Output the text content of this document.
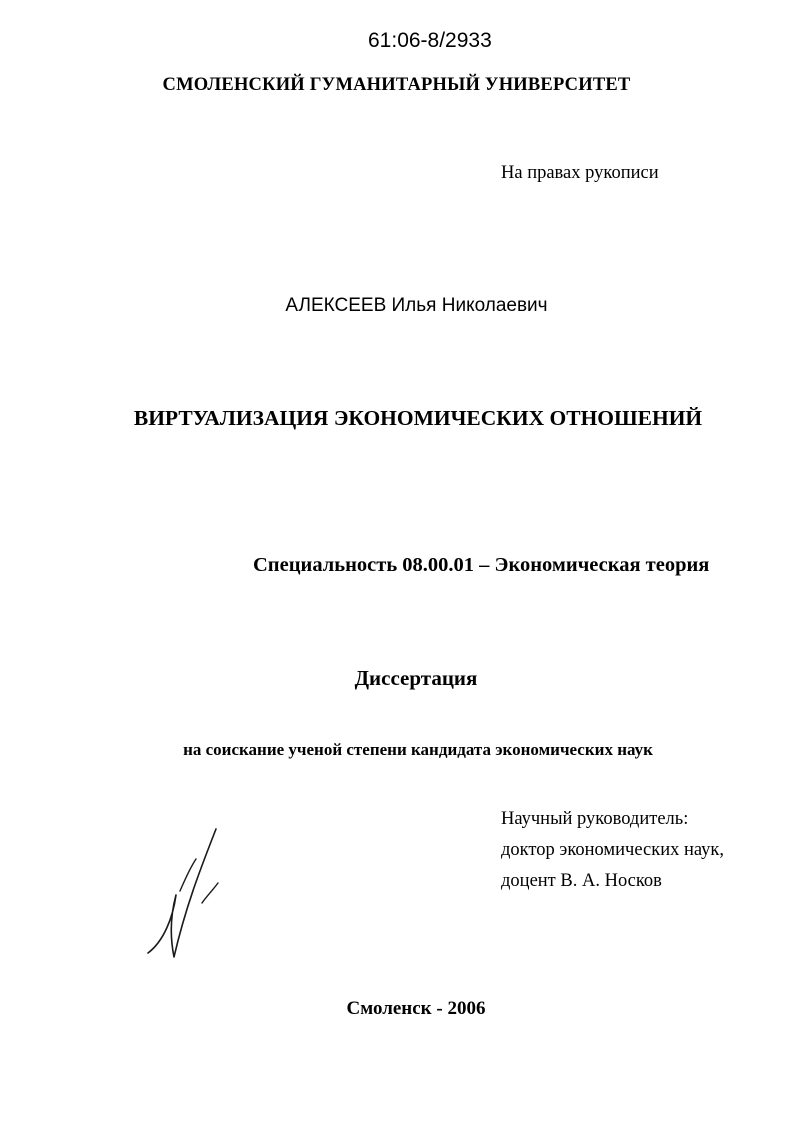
61:06-8/2933
СМОЛЕНСКИЙ ГУМАНИТАРНЫЙ УНИВЕРСИТЕТ
На правах рукописи
АЛЕКСЕЕВ Илья Николаевич
ВИРТУАЛИЗАЦИЯ ЭКОНОМИЧЕСКИХ ОТНОШЕНИЙ
Специальность 08.00.01 – Экономическая теория
Диссертация
на соискание ученой степени кандидата экономических наук
Научный руководитель:
доктор экономических наук,
доцент В. А. Носков
Смоленск - 2006
